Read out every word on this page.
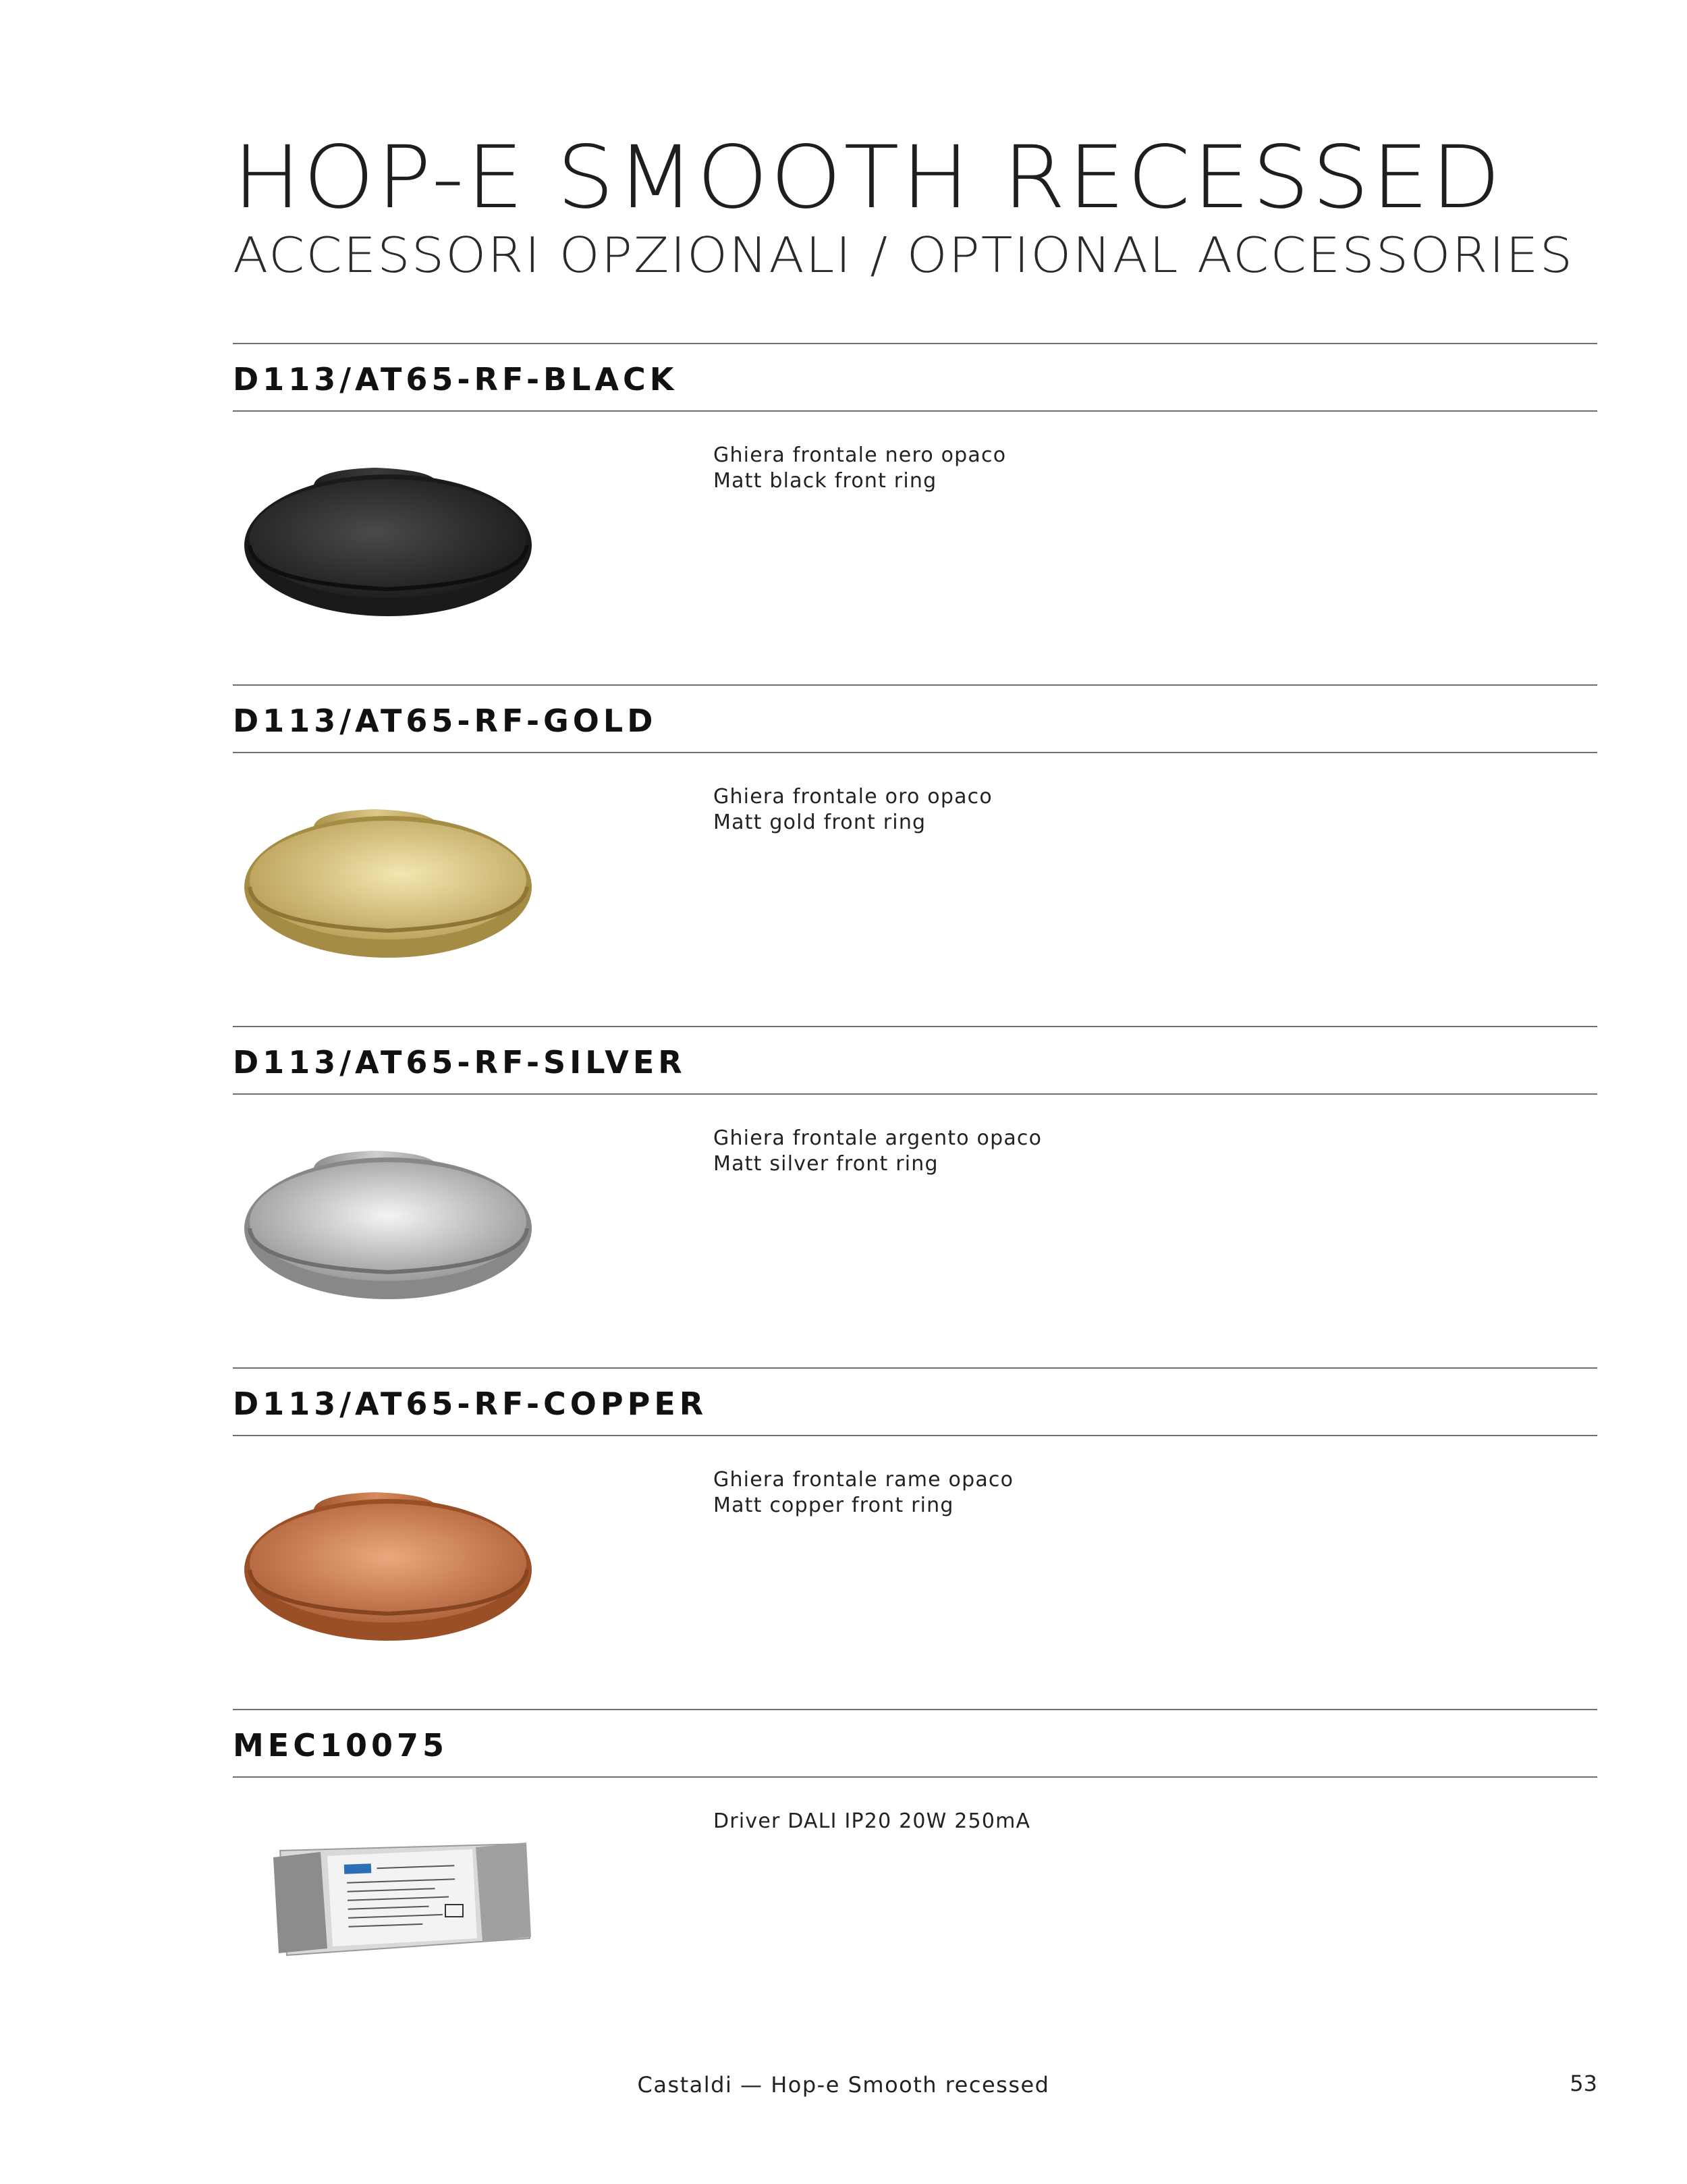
HOP-E SMOOTH RECESSED
ACCESSORI OPZIONALI / OPTIONAL ACCESSORIES
D113/AT65-RF-BLACK
Ghiera frontale nero opaco
Matt black front ring
D113/AT65-RF-GOLD
Ghiera frontale oro opaco
Matt gold front ring
D113/AT65-RF-SILVER
Ghiera frontale argento opaco
Matt silver front ring
D113/AT65-RF-COPPER
Ghiera frontale rame opaco
Matt copper front ring
MEC10075
Driver DALI IP20 20W 250mA
Castaldi — Hop-e Smooth recessed	53
